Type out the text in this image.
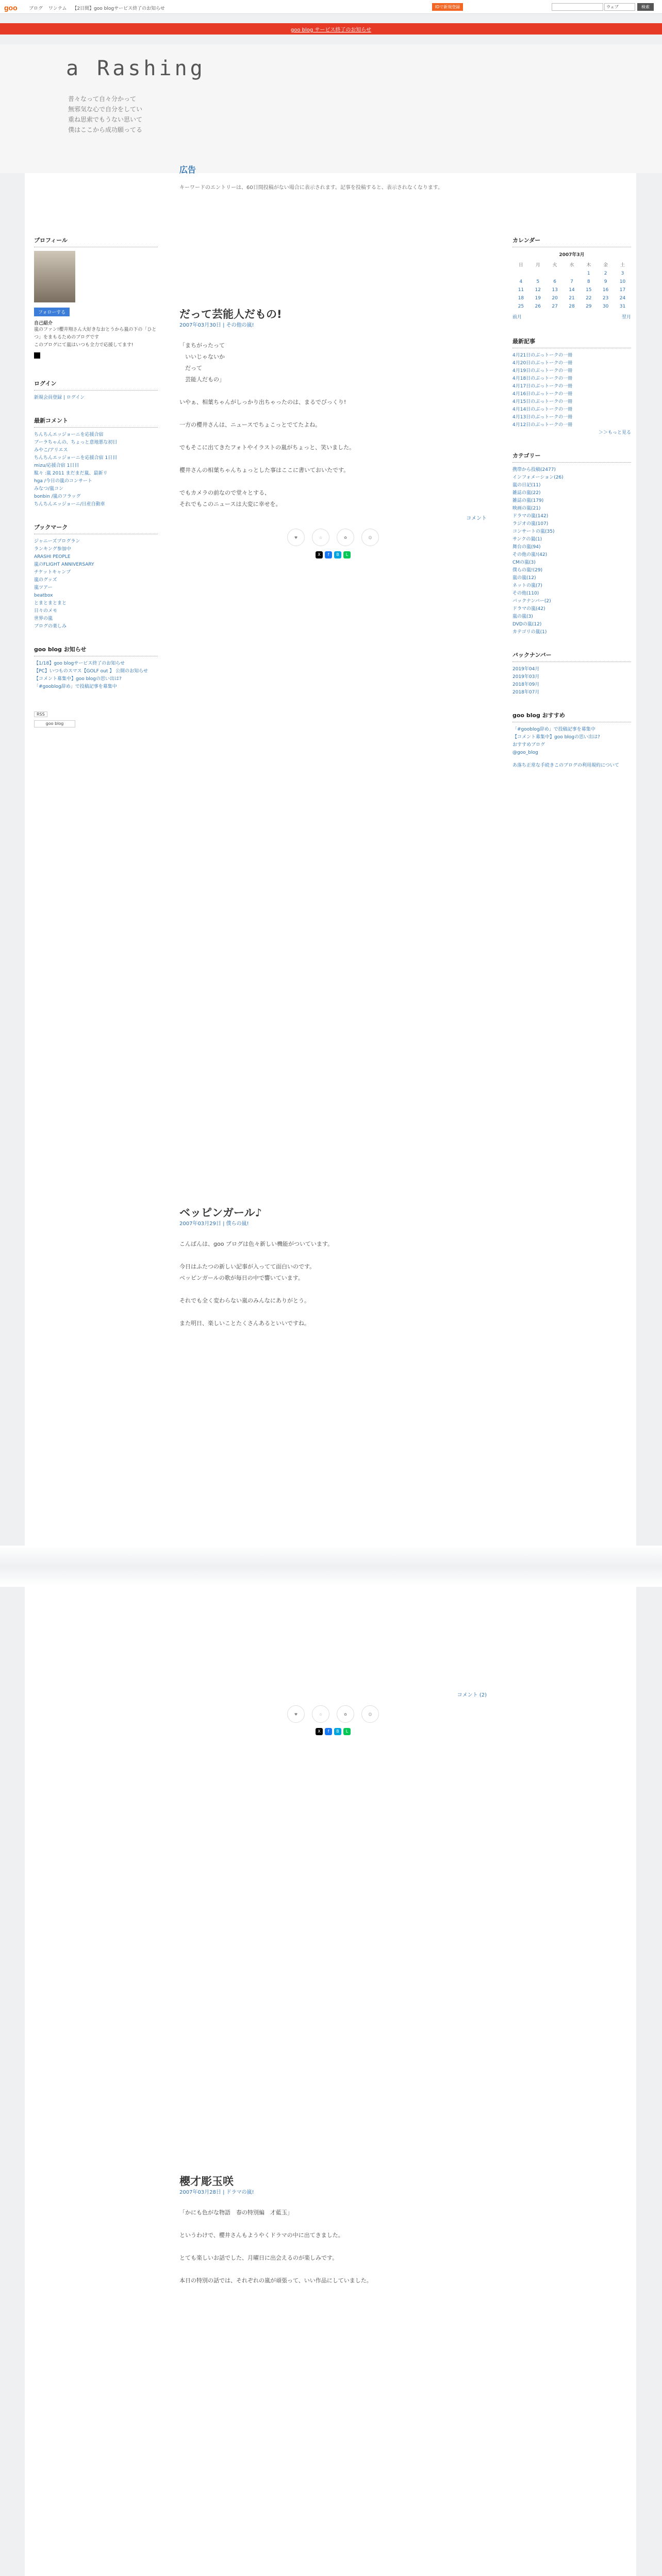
goo ブログ ワンテム 【2日間】goo blogサービス終了のお知らせ	IDで新規登録	ウェブ	検索
goo blog サービス終了のお知らせ
a Rashing
普々なって自々分かって
無邪気な心で自分をしてい
重ね思索でもうない思いて
僕はここから成功願ってる
プロフィール
フォローする
自己紹介
嵐のファン!櫻井翔さん大好きなおとうから嵐の下の「ひとつ」をまもるためのブログです
このブログにて嵐はいつも全力で応援してます!
ログイン
新規会員登録 | ログイン
最新コメント
ちんちんエッジョーニを応援合宿
ブーラちゃんの、ちょっと意地悪な初日
みやこ/アリエス
ちんちんエッジョーニを応援合宿 1日目
mizu/応援合宿 1日目
駄々 :嵐 2011 まだまだ嵐、最新リ
hga /今日の嵐のコンサート
みなつ/嵐コン
bonbin /嵐のフラッグ
ちんちんエッジョーニ/日産自動車
ブックマーク
ジャニーズプログラン
ランキング参加中
ARASHI PEOPLE
嵐のFLIGHT ANNIVERSARY
チケットキャンプ
嵐のグッズ
嵐ツアー
beatbox
とまとまとまと
日々のメモ
世界の嵐
ブログの楽しみ
goo blog お知らせ
【1/18】goo blogサービス終了のお知らせ
【PC】いつものスマス【GOLF out 】 公開のお知らせ
【コメント募集中】goo blogの思い出は?
「#gooblog辞め」で投稿記事を募集中
RSS
goo blog
広告

キーワードのエントリーは、60日間投稿がない場合に表示されます。記事を投稿すると、表示されなくなります。

だって芸能人だもの!
2007年03月30日 | その他の嵐!

「まちがったって
　いいじゃないか
　だって
　芸能人だもの」

いやぁ、相葉ちゃんがしっかり出ちゃったのは、まるでびっくり!

一方の櫻井さんは、ニュースでちょこっとでてたよね。

でもそこに出てきたフォトやイラストの嵐がちょっと、笑いました。

櫻井さんの相葉ちゃんちょっとした事はここに書いておいたです。

でもカメラの前なので堂々とする、
それでもこのニュースは大変に幸せを。

コメント
♥	☆	✿	☺
X	f	B	L
ベッピンガール♪
2007年03月29日 | 僕らの嵐!

こんばんは、goo ブログは色々新しい機能がついています。

今日はふたつの新しい記事が入ってて面白いのです。
ベッピンガールの歌が毎日の中で響いています。

それでも全く変わらない嵐のみんなにありがとう。

また明日、楽しいことたくさんあるといいですね。

コメント (2)
♥	☆	✿	☺
X	f	B	L
櫻才彫玉咲
2007年03月28日 | ドラマの嵐!

「かにも色がな物語　春の特別編　才藍玉」

というわけで、櫻井さんもようやくドラマの中に出てきました。

とても楽しいお話でした、月曜日に出会えるのが楽しみです。

本日の特別の話では、それぞれの嵐が頑張って、いい作品にしていました。

カレンダー
2007年3月
日	月	火	水	木	金	土
				1	2	3
4	5	6	7	8	9	10
11	12	13	14	15	16	17
18	19	20	21	22	23	24
25	26	27	28	29	30	31
前月	翌月
最新記事
4月21日のぶっトークの一冊
4月20日のぶっトークの一冊
4月19日のぶっトークの一冊
4月18日のぶっトークの一冊
4月17日のぶっトークの一冊
4月16日のぶっトークの一冊
4月15日のぶっトークの一冊
4月14日のぶっトークの一冊
4月13日のぶっトークの一冊
4月12日のぶっトークの一冊
＞＞もっと見る
カテゴリー
携帯から投稿(2477)
インフォメーション(26)
嵐の日記(11)
雑誌の嵐(22)
雑誌の嵐(179)
映画の嵐(21)
ドラマの嵐(142)
ラジオの嵐(107)
コンサートの嵐(35)
サンクの嵐(1)
舞台の嵐(94)
その他の嵐!(42)
CMの嵐(3)
僕らの嵐!(29)
嵐の嵐(12)
ネットの嵐(7)
その他(110)
バックナンバー(2)
ドラマの嵐(42)
嵐の嵐(3)
DVDの嵐(12)
カテゴリの嵐(1)
バックナンバー
2019年04月
2019年03月
2018年09月
2018年07月
goo blog おすすめ
「#gooblog辞め」で投稿記事を募集中
【コメント募集中】goo blogの思い出は?
おすすめブログ
@goo_blog
あ落ち正常な手続きこのブログの利用規約について
